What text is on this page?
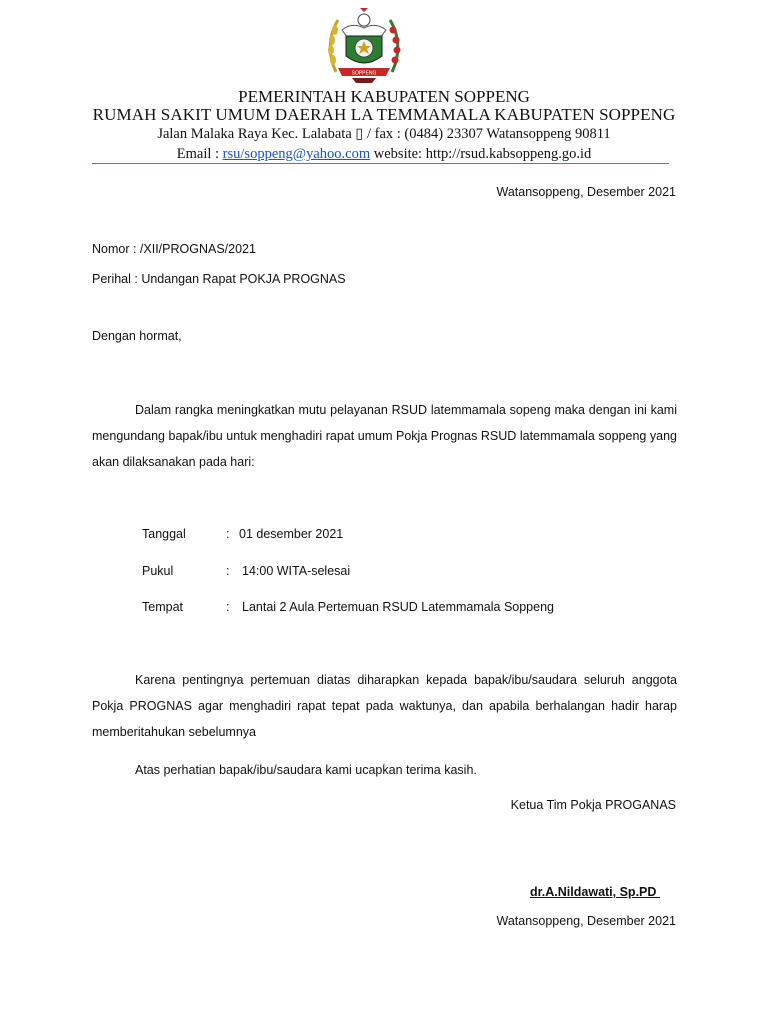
SOPPENG
PEMERINTAH KABUPATEN SOPPENG
RUMAH SAKIT UMUM DAERAH LA TEMMAMALA KABUPATEN SOPPENG
Jalan Malaka Raya Kec. Lalabata ▯ / fax : (0484) 23307 Watansoppeng 90811
Email : rsu/soppeng@yahoo.com website: http://rsud.kabsoppeng.go.id
Watansoppeng, Desember 2021
Nomor : /XII/PROGNAS/2021
Perihal : Undangan Rapat POKJA PROGNAS
Dengan hormat,
Dalam rangka meningkatkan mutu pelayanan RSUD latemmamala sopeng maka dengan ini kami mengundang bapak/ibu untuk menghadiri rapat umum Pokja Prognas RSUD latemmamala soppeng yang akan dilaksanakan pada hari:
Tanggal	: 01 desember 2021
Pukul	: 14:00 WITA-selesai
Tempat	: Lantai 2 Aula Pertemuan RSUD Latemmamala Soppeng
Karena pentingnya pertemuan diatas diharapkan kepada bapak/ibu/saudara seluruh anggota Pokja PROGNAS agar menghadiri rapat tepat pada waktunya, dan apabila berhalangan hadir harap memberitahukan sebelumnya
Atas perhatian bapak/ibu/saudara kami ucapkan terima kasih.
Ketua Tim Pokja PROGANAS
dr.A.Nildawati, Sp.PD
Watansoppeng, Desember 2021
